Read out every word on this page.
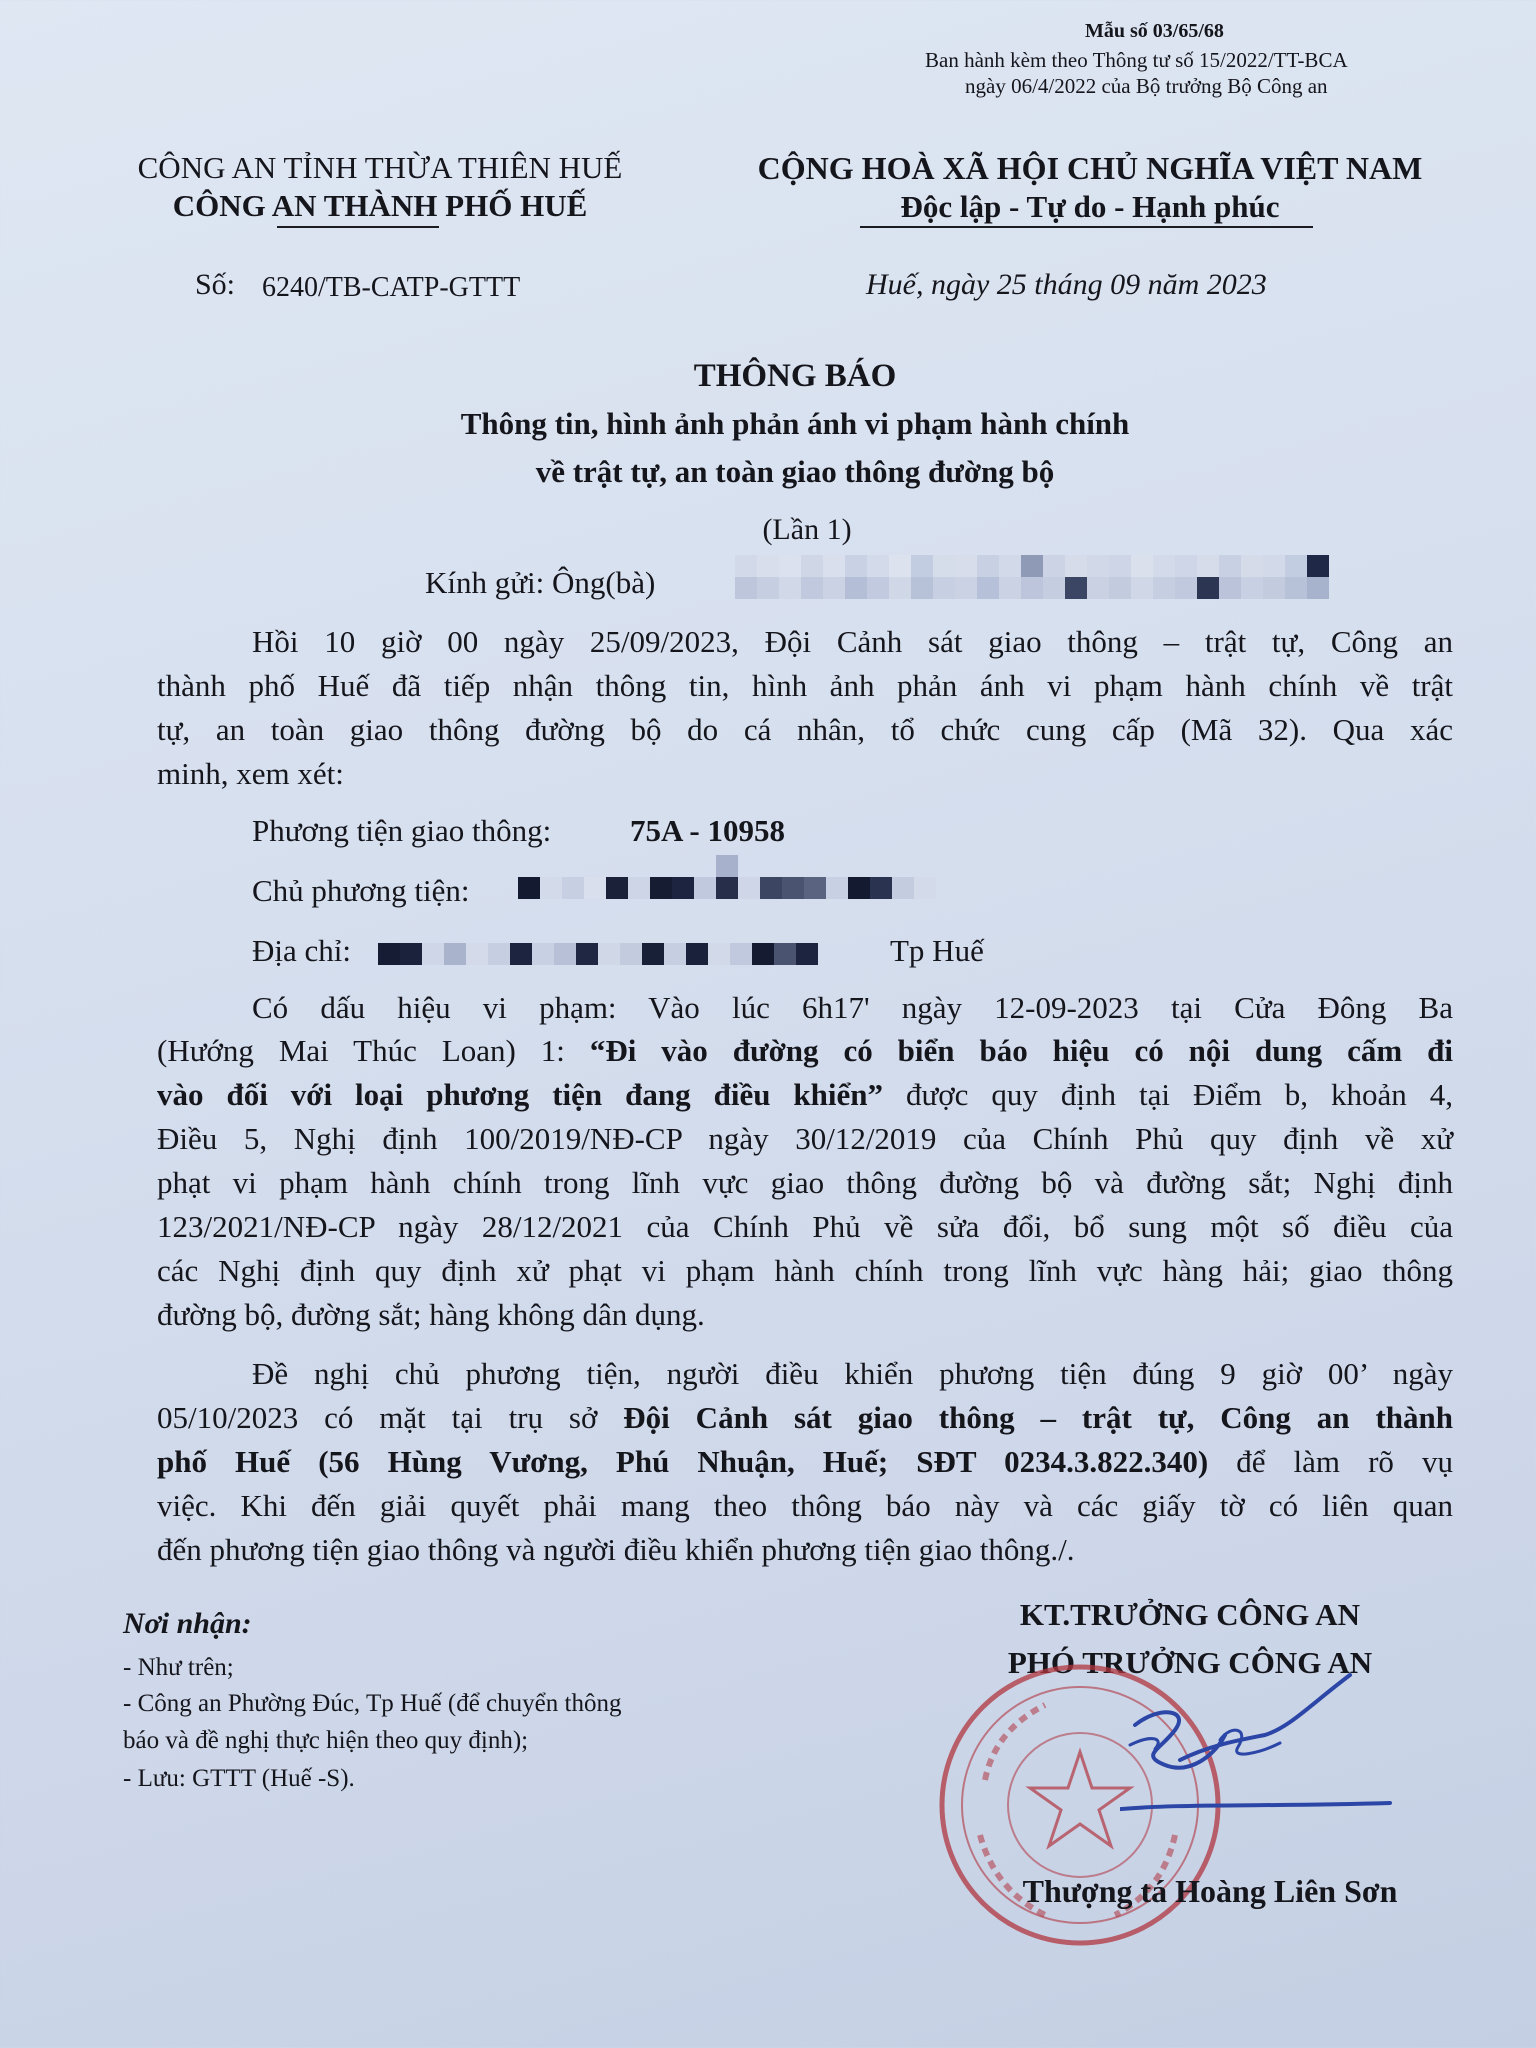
Mẫu số 03/65/68
Ban hành kèm theo Thông tư số 15/2022/TT-BCA
ngày 06/4/2022 của Bộ trưởng Bộ Công an
CÔNG AN TỈNH THỪA THIÊN HUẾ
CÔNG AN THÀNH PHỐ HUẾ
CỘNG HOÀ XÃ HỘI CHỦ NGHĨA VIỆT NAM
Độc lập - Tự do - Hạnh phúc
Số: 6240/TB-CATP-GTTT	Huế, ngày 25 tháng 09 năm 2023
THÔNG BÁO
Thông tin, hình ảnh phản ánh vi phạm hành chính
về trật tự, an toàn giao thông đường bộ
(Lần 1)
Kính gửi: Ông(bà)
Hồi 10 giờ 00 ngày 25/09/2023, Đội Cảnh sát giao thông – trật tự, Công an
thành phố Huế đã tiếp nhận thông tin, hình ảnh phản ánh vi phạm hành chính về trật
tự, an toàn giao thông đường bộ do cá nhân, tổ chức cung cấp (Mã 32). Qua xác
minh, xem xét:
Phương tiện giao thông:	75A - 10958
Chủ phương tiện:
Địa chỉ:	Tp Huế
Có dấu hiệu vi phạm: Vào lúc 6h17' ngày 12-09-2023 tại Cửa Đông Ba
(Hướng Mai Thúc Loan) 1: “Đi vào đường có biển báo hiệu có nội dung cấm đi
vào đối với loại phương tiện đang điều khiển” được quy định tại Điểm b, khoản 4,
Điều 5, Nghị định 100/2019/NĐ-CP ngày 30/12/2019 của Chính Phủ quy định về xử
phạt vi phạm hành chính trong lĩnh vực giao thông đường bộ và đường sắt; Nghị định
123/2021/NĐ-CP ngày 28/12/2021 của Chính Phủ về sửa đổi, bổ sung một số điều của
các Nghị định quy định xử phạt vi phạm hành chính trong lĩnh vực hàng hải; giao thông
đường bộ, đường sắt; hàng không dân dụng.
Đề nghị chủ phương tiện, người điều khiển phương tiện đúng 9 giờ 00’ ngày
05/10/2023 có mặt tại trụ sở Đội Cảnh sát giao thông – trật tự, Công an thành
phố Huế (56 Hùng Vương, Phú Nhuận, Huế; SĐT 0234.3.822.340) để làm rõ vụ
việc. Khi đến giải quyết phải mang theo thông báo này và các giấy tờ có liên quan
đến phương tiện giao thông và người điều khiển phương tiện giao thông./.
Nơi nhận:
- Như trên;
- Công an Phường Đúc, Tp Huế (để chuyển thông
báo và đề nghị thực hiện theo quy định);
- Lưu: GTTT (Huế -S).
KT.TRƯỞNG CÔNG AN
PHÓ TRƯỞNG CÔNG AN
Thượng tá Hoàng Liên Sơn
